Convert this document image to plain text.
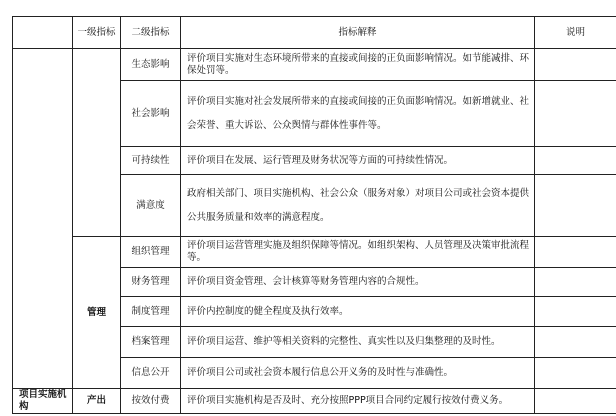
	一级指标	二级指标	指标解释	说明
		生态影响	评价项目实施对生态环境所带来的直接或间接的正负面影响情况。如节能减排、环保处罚等。	
		社会影响	评价项目实施对社会发展所带来的直接或间接的正负面影响情况。如新增就业、社会荣誉、重大诉讼、公众舆情与群体性事件等。	
		可持续性	评价项目在发展、运行管理及财务状况等方面的可持续性情况。	
		满意度	政府相关部门、项目实施机构、社会公众（服务对象）对项目公司或社会资本提供公共服务质量和效率的满意程度。	
	管理	组织管理	评价项目运营管理实施及组织保障等情况。如组织架构、人员管理及决策审批流程等。	
		财务管理	评价项目资金管理、会计核算等财务管理内容的合规性。	
		制度管理	评价内控制度的健全程度及执行效率。	
		档案管理	评价项目运营、维护等相关资料的完整性、真实性以及归集整理的及时性。	
		信息公开	评价项目公司或社会资本履行信息公开义务的及时性与准确性。	
项目实施机构	产出	按效付费	评价项目实施机构是否及时、充分按照PPP项目合同约定履行按效付费义务。	
